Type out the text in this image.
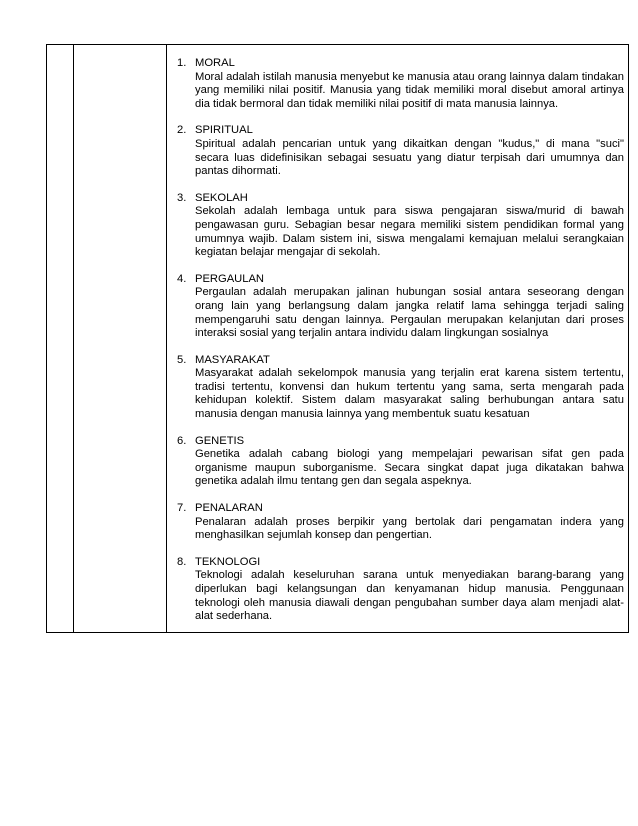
1. MORAL
Moral adalah istilah manusia menyebut ke manusia atau orang lainnya dalam tindakan yang memiliki nilai positif. Manusia yang tidak memiliki moral disebut amoral artinya dia tidak bermoral dan tidak memiliki nilai positif di mata manusia lainnya.
2. SPIRITUAL
Spiritual adalah pencarian untuk yang dikaitkan dengan "kudus," di mana "suci" secara luas didefinisikan sebagai sesuatu yang diatur terpisah dari umumnya dan pantas dihormati.
3. SEKOLAH
Sekolah adalah lembaga untuk para siswa pengajaran siswa/murid di bawah pengawasan guru. Sebagian besar negara memiliki sistem pendidikan formal yang umumnya wajib. Dalam sistem ini, siswa mengalami kemajuan melalui serangkaian kegiatan belajar mengajar di sekolah.
4. PERGAULAN
Pergaulan adalah merupakan jalinan hubungan sosial antara seseorang dengan orang lain yang berlangsung dalam jangka relatif lama sehingga terjadi saling mempengaruhi satu dengan lainnya. Pergaulan merupakan kelanjutan dari proses interaksi sosial yang terjalin antara individu dalam lingkungan sosialnya
5. MASYARAKAT
Masyarakat adalah sekelompok manusia yang terjalin erat karena sistem tertentu, tradisi tertentu, konvensi dan hukum tertentu yang sama, serta mengarah pada kehidupan kolektif. Sistem dalam masyarakat saling berhubungan antara satu manusia dengan manusia lainnya yang membentuk suatu kesatuan
6. GENETIS
Genetika adalah cabang biologi yang mempelajari pewarisan sifat gen pada organisme maupun suborganisme. Secara singkat dapat juga dikatakan bahwa genetika adalah ilmu tentang gen dan segala aspeknya.
7. PENALARAN
Penalaran adalah proses berpikir yang bertolak dari pengamatan indera yang menghasilkan sejumlah konsep dan pengertian.
8. TEKNOLOGI
Teknologi adalah keseluruhan sarana untuk menyediakan barang-barang yang diperlukan bagi kelangsungan dan kenyamanan hidup manusia. Penggunaan teknologi oleh manusia diawali dengan pengubahan sumber daya alam menjadi alat-alat sederhana.
